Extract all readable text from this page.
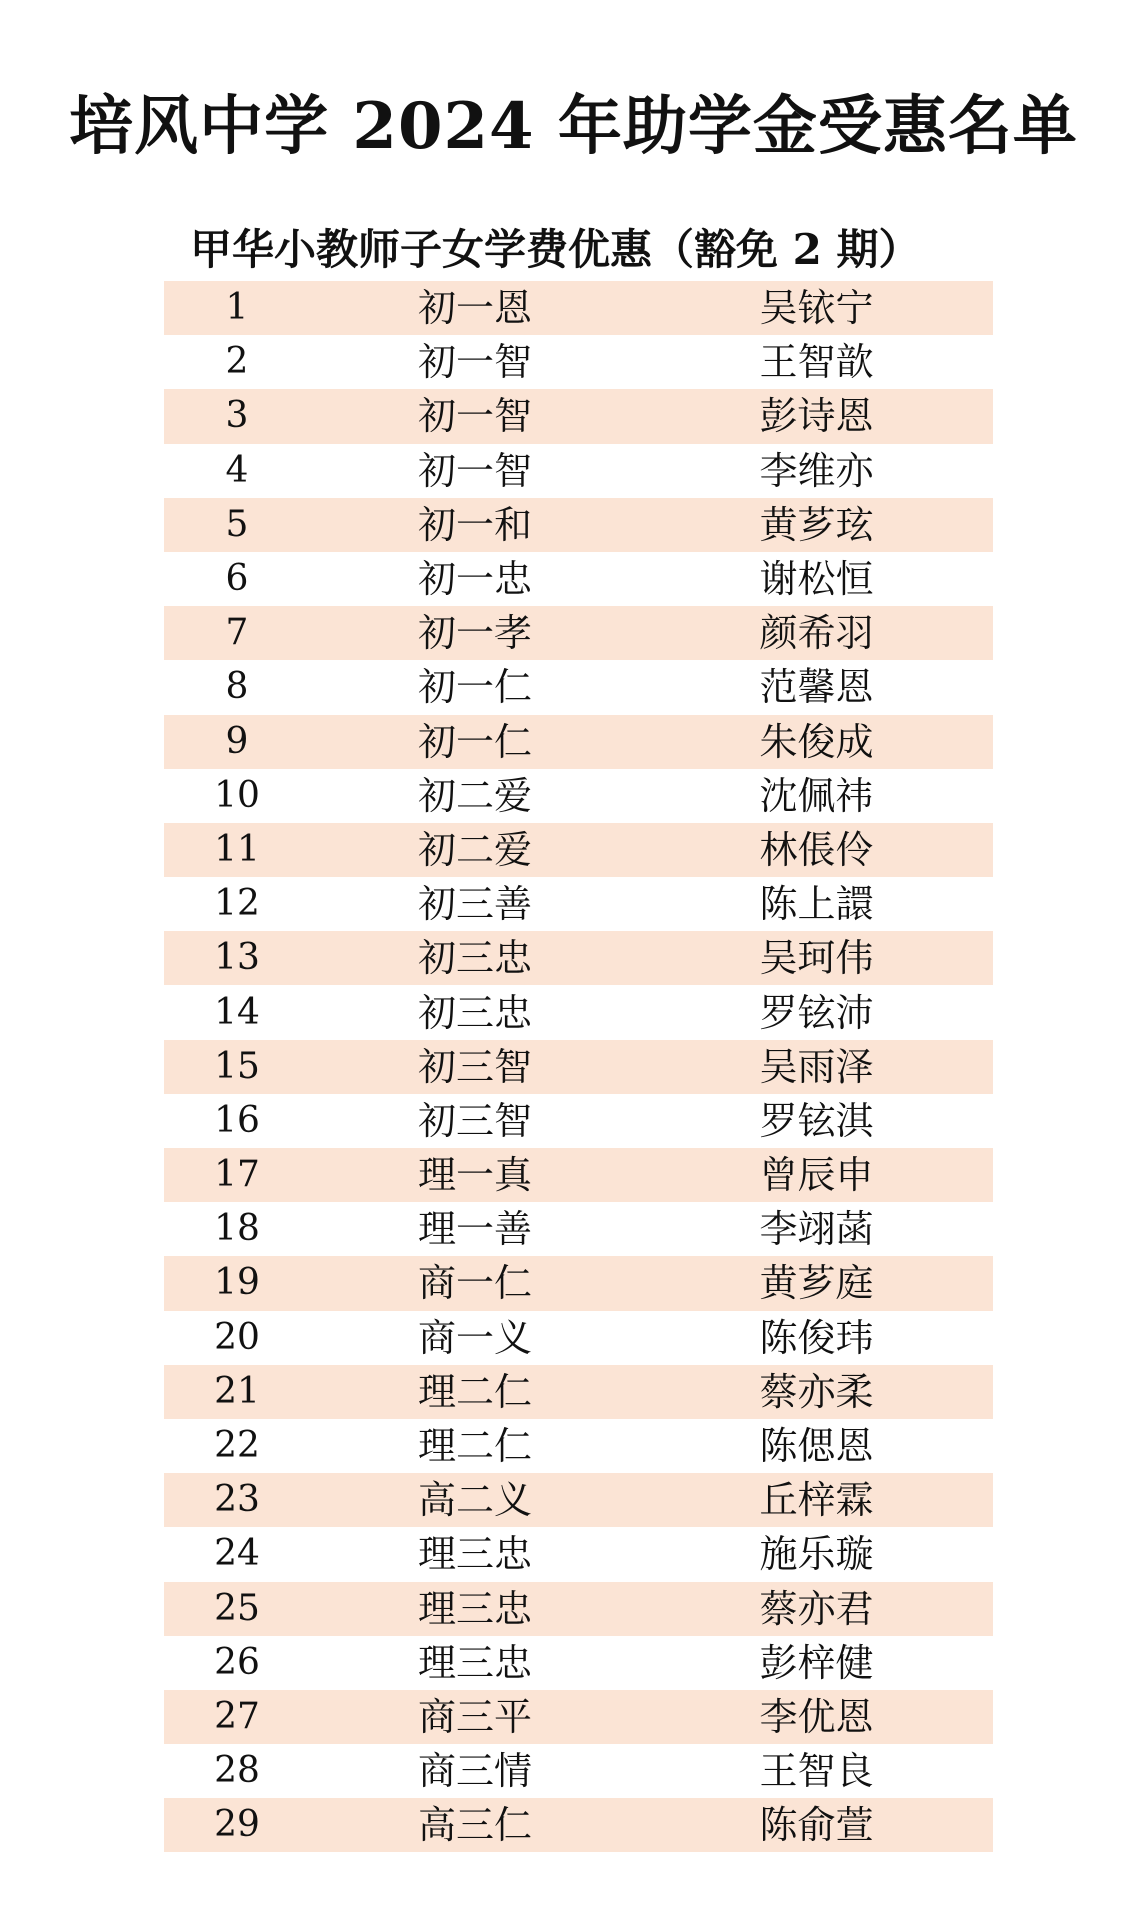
培风中学 2024 年助学金受惠名单
甲华小教师子女学费优惠（豁免 2 期）
1	初一恩	吴铱宁
2	初一智	王智歆
3	初一智	彭诗恩
4	初一智	李维亦
5	初一和	黄芗玹
6	初一忠	谢松恒
7	初一孝	颜希羽
8	初一仁	范馨恩
9	初一仁	朱俊成
10	初二爱	沈佩祎
11	初二爱	林倀伶
12	初三善	陈上譞
13	初三忠	吴珂伟
14	初三忠	罗铉沛
15	初三智	吴雨泽
16	初三智	罗铉淇
17	理一真	曾辰申
18	理一善	李翊菡
19	商一仁	黄芗庭
20	商一义	陈俊玮
21	理二仁	蔡亦柔
22	理二仁	陈偲恩
23	高二义	丘梓霖
24	理三忠	施乐璇
25	理三忠	蔡亦君
26	理三忠	彭梓健
27	商三平	李优恩
28	商三情	王智良
29	高三仁	陈俞萱
